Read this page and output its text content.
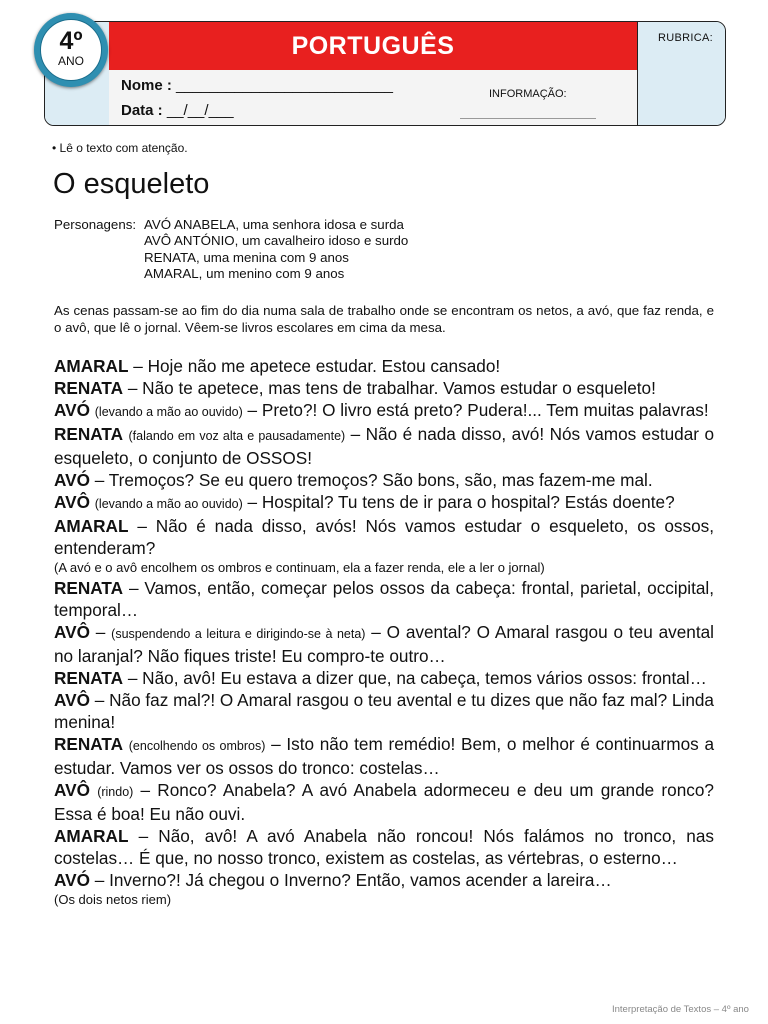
PORTUGUÊS
Nome : __________________________
Data : __/__/___
INFORMAÇÃO:
RUBRICA:
4º
ANO
• Lê o texto com atenção.
O esqueleto
Personagens: AVÓ ANABELA, uma senhora idosa e surda
AVÔ ANTÓNIO, um cavalheiro idoso e surdo
RENATA, uma menina com 9 anos
AMARAL, um menino com 9 anos
As cenas passam-se ao fim do dia numa sala de trabalho onde se encontram os netos, a avó, que faz renda, e o avô, que lê o jornal. Vêem-se livros escolares em cima da mesa.

AMARAL – Hoje não me apetece estudar. Estou cansado!

RENATA – Não te apetece, mas tens de trabalhar. Vamos estudar o esqueleto!

AVÓ (levando a mão ao ouvido) – Preto?! O livro está preto? Pudera!... Tem muitas palavras!

RENATA (falando em voz alta e pausadamente) – Não é nada disso, avó! Nós vamos estudar o esqueleto, o conjunto de OSSOS!

AVÓ – Tremoços? Se eu quero tremoços? São bons, são, mas fazem-me mal.

AVÔ (levando a mão ao ouvido) – Hospital? Tu tens de ir para o hospital? Estás doente?

AMARAL – Não é nada disso, avós! Nós vamos estudar o esqueleto, os ossos, entenderam?

(A avó e o avô encolhem os ombros e continuam, ela a fazer renda, ele a ler o jornal)

RENATA – Vamos, então, começar pelos ossos da cabeça: frontal, parietal, occipital, temporal…

AVÔ – (suspendendo a leitura e dirigindo-se à neta) – O avental? O Amaral rasgou o teu avental no laranjal? Não fiques triste! Eu compro-te outro…

RENATA – Não, avô! Eu estava a dizer que, na cabeça, temos vários ossos: frontal…

AVÔ – Não faz mal?! O Amaral rasgou o teu avental e tu dizes que não faz mal? Linda menina!

RENATA (encolhendo os ombros) – Isto não tem remédio! Bem, o melhor é continuarmos a estudar. Vamos ver os ossos do tronco: costelas…

AVÔ (rindo) – Ronco? Anabela? A avó Anabela adormeceu e deu um grande ronco? Essa é boa! Eu não ouvi.

AMARAL – Não, avô! A avó Anabela não roncou! Nós falámos no tronco, nas costelas… É que, no nosso tronco, existem as costelas, as vértebras, o esterno…

AVÓ – Inverno?! Já chegou o Inverno? Então, vamos acender a lareira…

(Os dois netos riem)

Interpretação de Textos – 4º ano
